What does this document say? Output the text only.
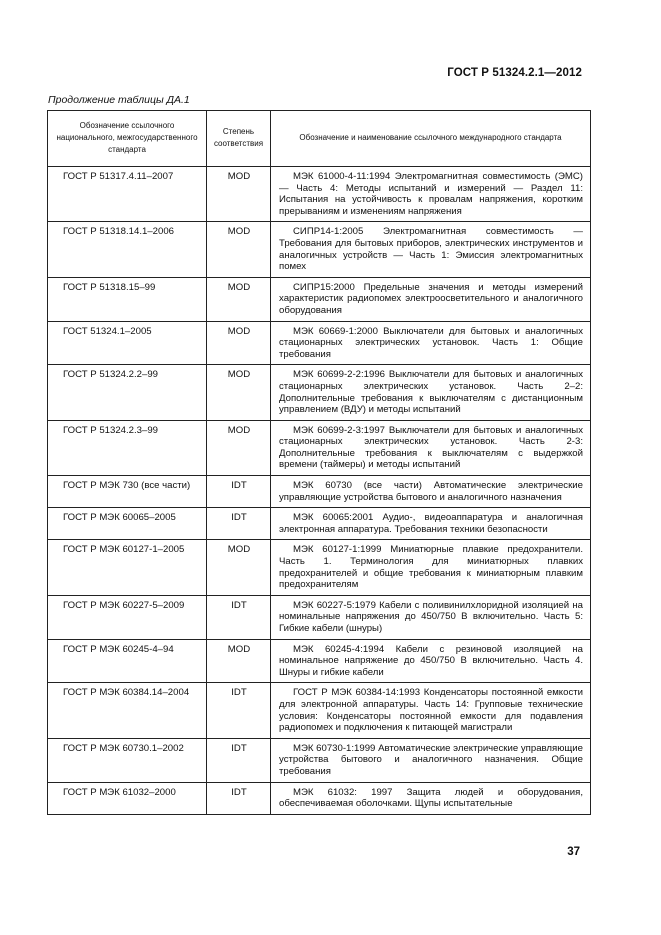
ГОСТ Р 51324.2.1—2012
Продолжение таблицы ДА.1
Обозначение ссылочного национального, межгосударственного стандарта	Степень соответствия	Обозначение и наименование ссылочного международного стандарта
ГОСТ Р 51317.4.11–2007	MOD	МЭК 61000-4-11:1994 Электромагнитная совместимость (ЭМС) — Часть 4: Методы испытаний и измерений — Раздел 11: Испытания на устойчивость к провалам напряжения, коротким прерываниям и изменениям напряжения
ГОСТ Р 51318.14.1–2006	MOD	СИПР14-1:2005 Электромагнитная совместимость — Требования для бытовых приборов, электрических инструментов и аналогичных устройств — Часть 1: Эмиссия электромагнитных помех
ГОСТ Р 51318.15–99	MOD	СИПР15:2000 Предельные значения и методы измерений характеристик радиопомех электроосветительного и аналогичного оборудования
ГОСТ 51324.1–2005	MOD	МЭК 60669-1:2000 Выключатели для бытовых и аналогичных стационарных электрических установок. Часть 1: Общие требования
ГОСТ Р 51324.2.2–99	MOD	МЭК 60699-2-2:1996 Выключатели для бытовых и аналогичных стационарных электрических установок. Часть 2–2: Дополнительные требования к выключателям с дистанционным управлением (ВДУ) и методы испытаний
ГОСТ Р 51324.2.3–99	MOD	МЭК 60699-2-3:1997 Выключатели для бытовых и аналогичных стационарных электрических установок. Часть 2-3: Дополнительные требования к выключателям с выдержкой времени (таймеры) и методы испытаний
ГОСТ Р МЭК 730 (все части)	IDT	МЭК 60730 (все части) Автоматические электрические управляющие устройства бытового и аналогичного назначения
ГОСТ Р МЭК 60065–2005	IDT	МЭК 60065:2001 Аудио-, видеоаппаратура и аналогичная электронная аппаратура. Требования техники безопасности
ГОСТ Р МЭК 60127-1–2005	MOD	МЭК 60127-1:1999 Миниатюрные плавкие предохранители. Часть 1. Терминология для миниатюрных плавких предохранителей и общие требования к миниатюрным плавким предохранителям
ГОСТ Р МЭК 60227-5–2009	IDT	МЭК 60227-5:1979 Кабели с поливинилхлоридной изоляцией на номинальные напряжения до 450/750 В включительно. Часть 5: Гибкие кабели (шнуры)
ГОСТ Р МЭК 60245-4–94	MOD	МЭК 60245-4:1994 Кабели с резиновой изоляцией на номинальное напряжение до 450/750 В включительно. Часть 4. Шнуры и гибкие кабели
ГОСТ Р МЭК 60384.14–2004	IDT	ГОСТ Р МЭК 60384-14:1993 Конденсаторы постоянной емкости для электронной аппаратуры. Часть 14: Групповые технические условия: Конденсаторы постоянной емкости для подавления радиопомех и подключения к питающей магистрали
ГОСТ Р МЭК 60730.1–2002	IDT	МЭК 60730-1:1999 Автоматические электрические управляющие устройства бытового и аналогичного назначения. Общие требования
ГОСТ Р МЭК 61032–2000	IDT	МЭК 61032: 1997 Защита людей и оборудования, обеспечиваемая оболочками. Щупы испытательные
37
